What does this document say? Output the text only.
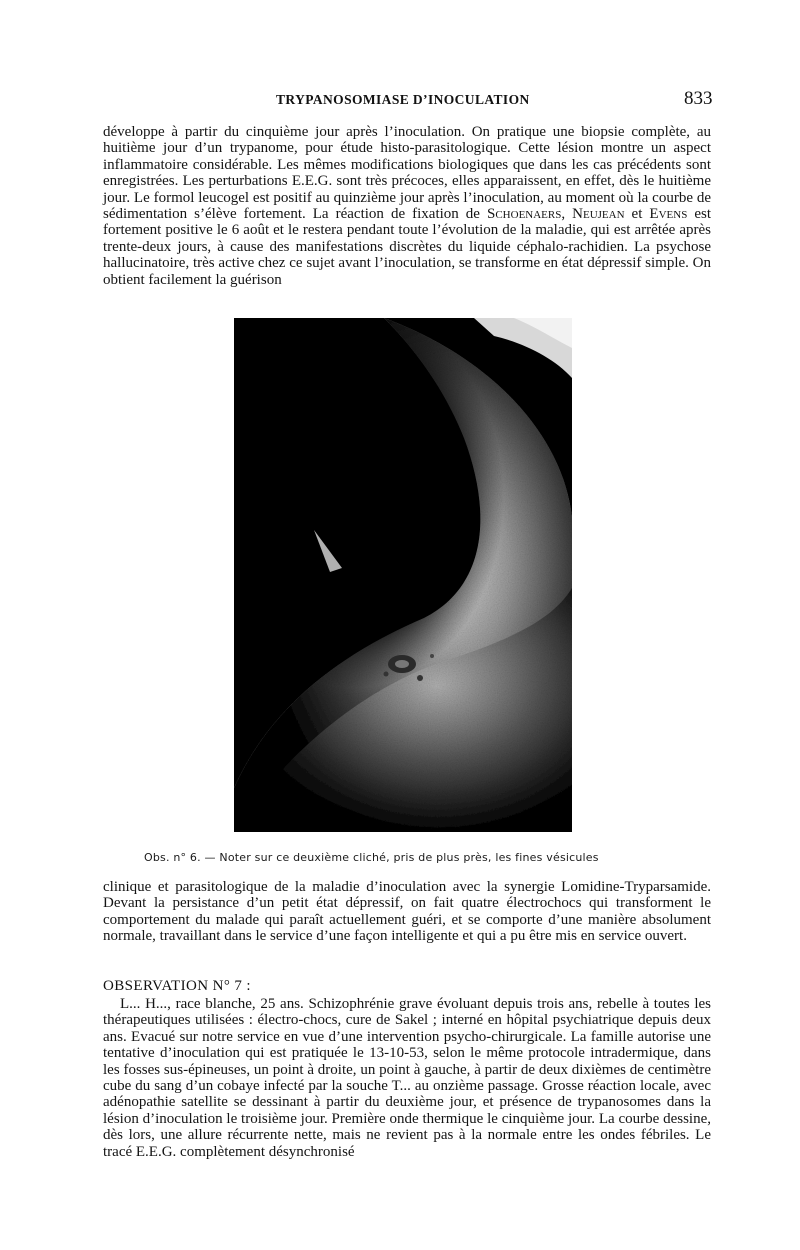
TRYPANOSOMIASE D’INOCULATION	833
développe à partir du cinquième jour après l’inoculation. On pratique une biopsie complète, au huitième jour d’un trypanome, pour étude histo-parasitologique. Cette lésion montre un aspect inflammatoire considérable. Les mêmes modifications biologiques que dans les cas précédents sont enregistrées. Les perturbations E.E.G. sont très précoces, elles apparaissent, en effet, dès le huitième jour. Le formol leucogel est positif au quinzième jour après l’inoculation, au moment où la courbe de sédimentation s’élève fortement. La réaction de fixation de Schoenaers, Neujean et Evens est fortement positive le 6 août et le restera pendant toute l’évolution de la maladie, qui est arrêtée après trente-deux jours, à cause des manifestations discrètes du liquide céphalo-rachidien. La psychose hallucinatoire, très active chez ce sujet avant l’inoculation, se transforme en état dépressif simple. On obtient facilement la guérison
Obs. n° 6. — Noter sur ce deuxième cliché, pris de plus près, les fines vésicules
clinique et parasitologique de la maladie d’inoculation avec la synergie Lomidine-Tryparsamide. Devant la persistance d’un petit état dépressif, on fait quatre électrochocs qui transforment le comportement du malade qui paraît actuellement guéri, et se comporte d’une manière absolument normale, travaillant dans le service d’une façon intelligente et qui a pu être mis en service ouvert.
OBSERVATION N° 7 :
L... H..., race blanche, 25 ans. Schizophrénie grave évoluant depuis trois ans, rebelle à toutes les thérapeutiques utilisées : électro-chocs, cure de Sakel ; interné en hôpital psychiatrique depuis deux ans. Evacué sur notre service en vue d’une intervention psycho-chirurgicale. La famille autorise une tentative d’inoculation qui est pratiquée le 13-10-53, selon le même protocole intradermique, dans les fosses sus-épineuses, un point à droite, un point à gauche, à partir de deux dixièmes de centimètre cube du sang d’un cobaye infecté par la souche T... au onzième passage. Grosse réaction locale, avec adénopathie satellite se dessinant à partir du deuxième jour, et présence de trypanosomes dans la lésion d’inoculation le troisième jour. Première onde thermique le cinquième jour. La courbe dessine, dès lors, une allure récurrente nette, mais ne revient pas à la normale entre les ondes fébriles. Le tracé E.E.G. complètement désynchronisé
